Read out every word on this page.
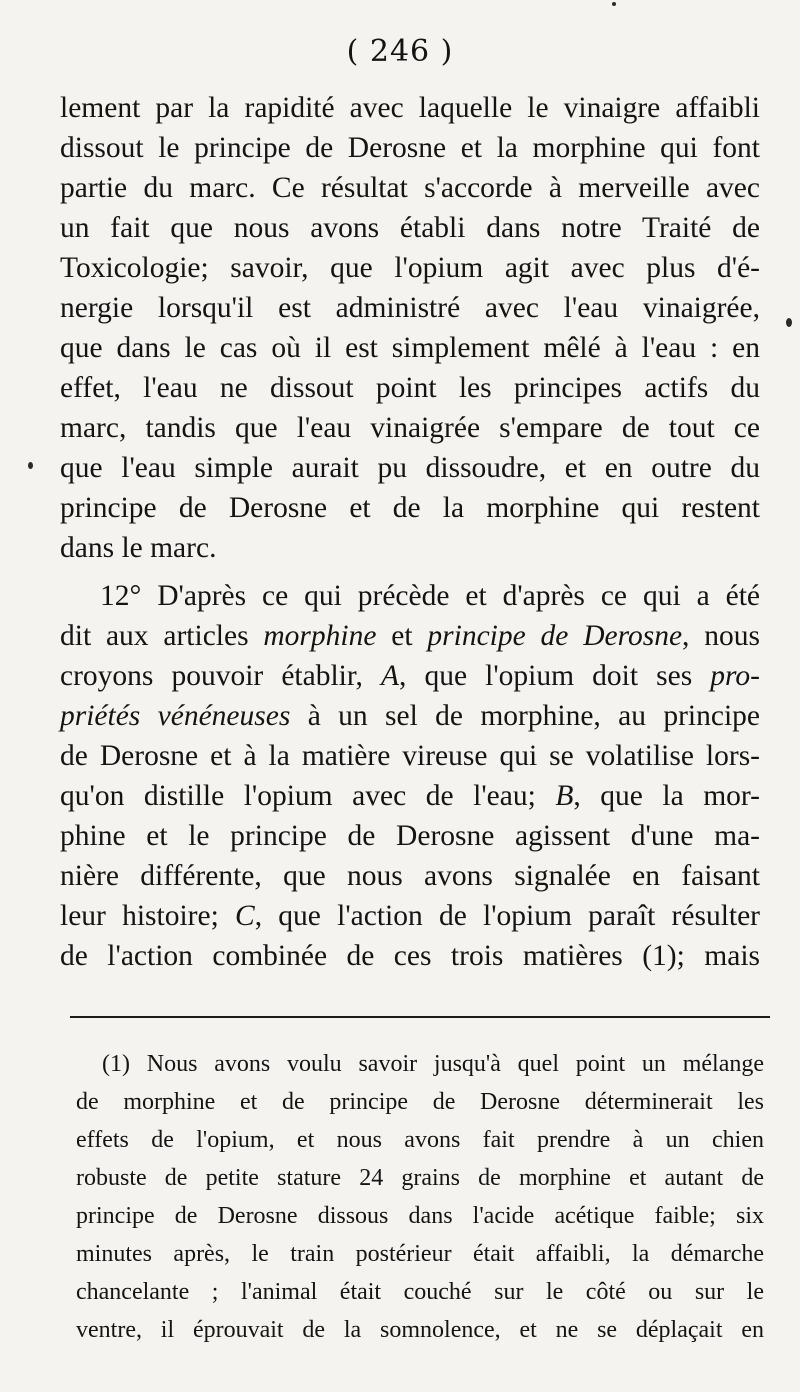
( 246 )
lement par la rapidité avec laquelle le vinaigre affaibli
dissout le principe de Derosne et la morphine qui font
partie du marc. Ce résultat s'accorde à merveille avec
un fait que nous avons établi dans notre Traité de
Toxicologie; savoir, que l'opium agit avec plus d'é-
nergie lorsqu'il est administré avec l'eau vinaigrée,
que dans le cas où il est simplement mêlé à l'eau : en
effet, l'eau ne dissout point les principes actifs du
marc, tandis que l'eau vinaigrée s'empare de tout ce
que l'eau simple aurait pu dissoudre, et en outre du
principe de Derosne et de la morphine qui restent
dans le marc.
12° D'après ce qui précède et d'après ce qui a été
dit aux articles morphine et principe de Derosne, nous
croyons pouvoir établir, A, que l'opium doit ses pro-
priétés vénéneuses à un sel de morphine, au principe
de Derosne et à la matière vireuse qui se volatilise lors-
qu'on distille l'opium avec de l'eau; B, que la mor-
phine et le principe de Derosne agissent d'une ma-
nière différente, que nous avons signalée en faisant
leur histoire; C, que l'action de l'opium paraît résulter
de l'action combinée de ces trois matières (1); mais
(1) Nous avons voulu savoir jusqu'à quel point un mélange
de morphine et de principe de Derosne déterminerait les
effets de l'opium, et nous avons fait prendre à un chien
robuste de petite stature 24 grains de morphine et autant de
principe de Derosne dissous dans l'acide acétique faible; six
minutes après, le train postérieur était affaibli, la démarche
chancelante ; l'animal était couché sur le côté ou sur le
ventre, il éprouvait de la somnolence, et ne se déplaçait en
